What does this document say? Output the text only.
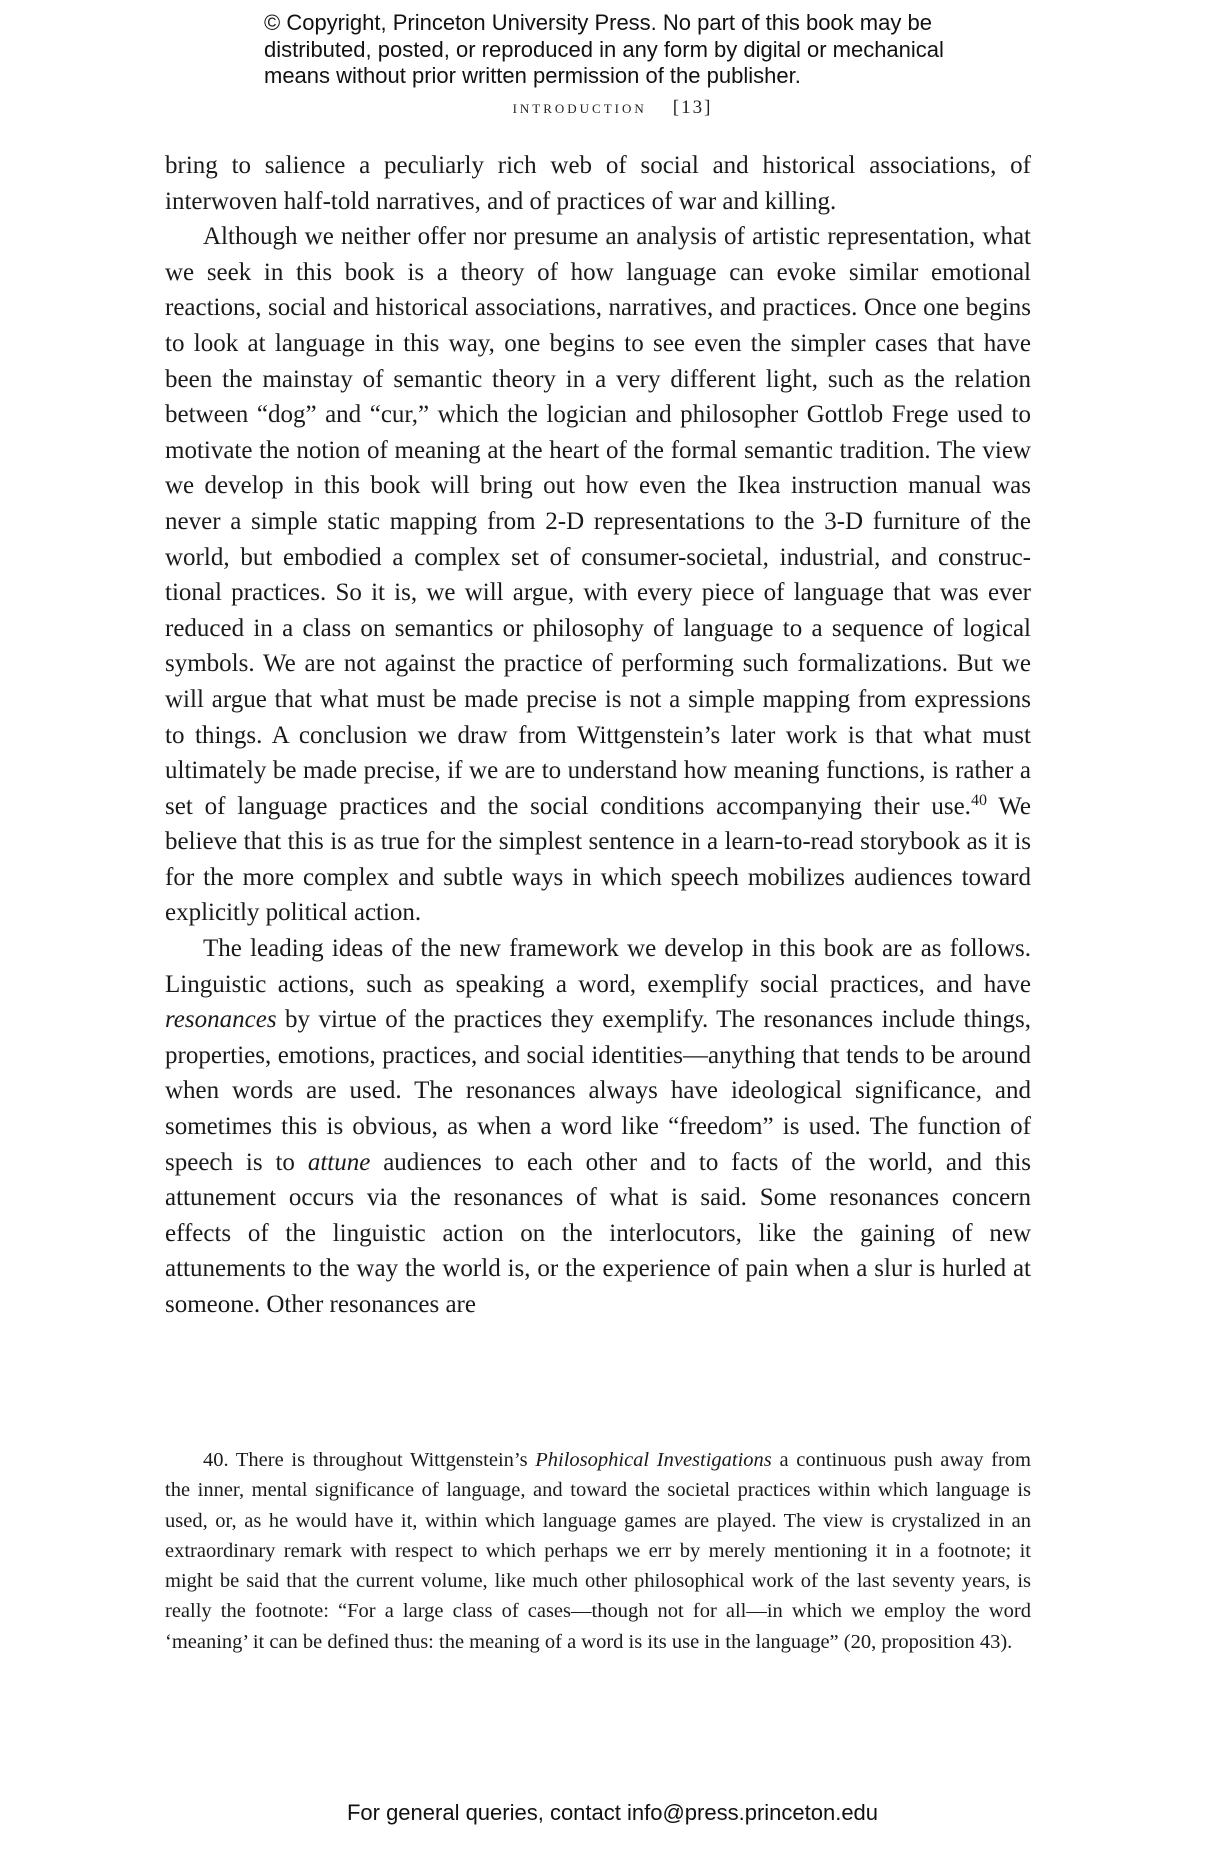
© Copyright, Princeton University Press. No part of this book may be
distributed, posted, or reproduced in any form by digital or mechanical
means without prior written permission of the publisher.
introduction [13]

bring to salience a peculiarly rich web of social and historical associations, of interwoven half-told narratives, and of practices of war and killing.

Although we neither offer nor presume an analysis of artistic representation, what we seek in this book is a theory of how language can evoke similar emotional reactions, social and historical associations, narratives, and practices. Once one begins to look at language in this way, one begins to see even the simpler cases that have been the mainstay of semantic theory in a very different light, such as the relation between “dog” and “cur,” which the logician and philosopher Gottlob Frege used to motivate the notion of meaning at the heart of the formal semantic tradition. The view we develop in this book will bring out how even the Ikea instruction manual was never a simple static mapping from 2-D representations to the 3-D furniture of the world, but embodied a complex set of consumer-societal, industrial, and constructional practices. So it is, we will argue, with every piece of language that was ever reduced in a class on semantics or philosophy of language to a sequence of logical symbols. We are not against the practice of performing such formalizations. But we will argue that what must be made precise is not a simple mapping from expressions to things. A conclusion we draw from Wittgenstein’s later work is that what must ultimately be made precise, if we are to understand how meaning functions, is rather a set of language practices and the social conditions accompanying their use.$^{40}$ We believe that this is as true for the simplest sentence in a learn-to-read storybook as it is for the more complex and subtle ways in which speech mobilizes audiences toward explicitly political action.

The leading ideas of the new framework we develop in this book are as follows. Linguistic actions, such as speaking a word, exemplify social practices, and have resonances by virtue of the practices they exemplify. The resonances include things, properties, emotions, practices, and social identities—anything that tends to be around when words are used. The resonances always have ideological significance, and sometimes this is obvious, as when a word like “freedom” is used. The function of speech is to attune audiences to each other and to facts of the world, and this attunement occurs via the resonances of what is said. Some resonances concern effects of the linguistic action on the interlocutors, like the gaining of new attunements to the way the world is, or the experience of pain when a slur is hurled at someone. Other resonances are

40. There is throughout Wittgenstein’s Philosophical Investigations a continuous push away from the inner, mental significance of language, and toward the societal practices within which language is used, or, as he would have it, within which language games are played. The view is crystalized in an extraordinary remark with respect to which perhaps we err by merely mentioning it in a footnote; it might be said that the current volume, like much other philosophical work of the last seventy years, is really the footnote: “For a large class of cases—though not for all—in which we employ the word ‘meaning’ it can be defined thus: the meaning of a word is its use in the language” (20, proposition 43).

For general queries, contact info@press.princeton.edu
